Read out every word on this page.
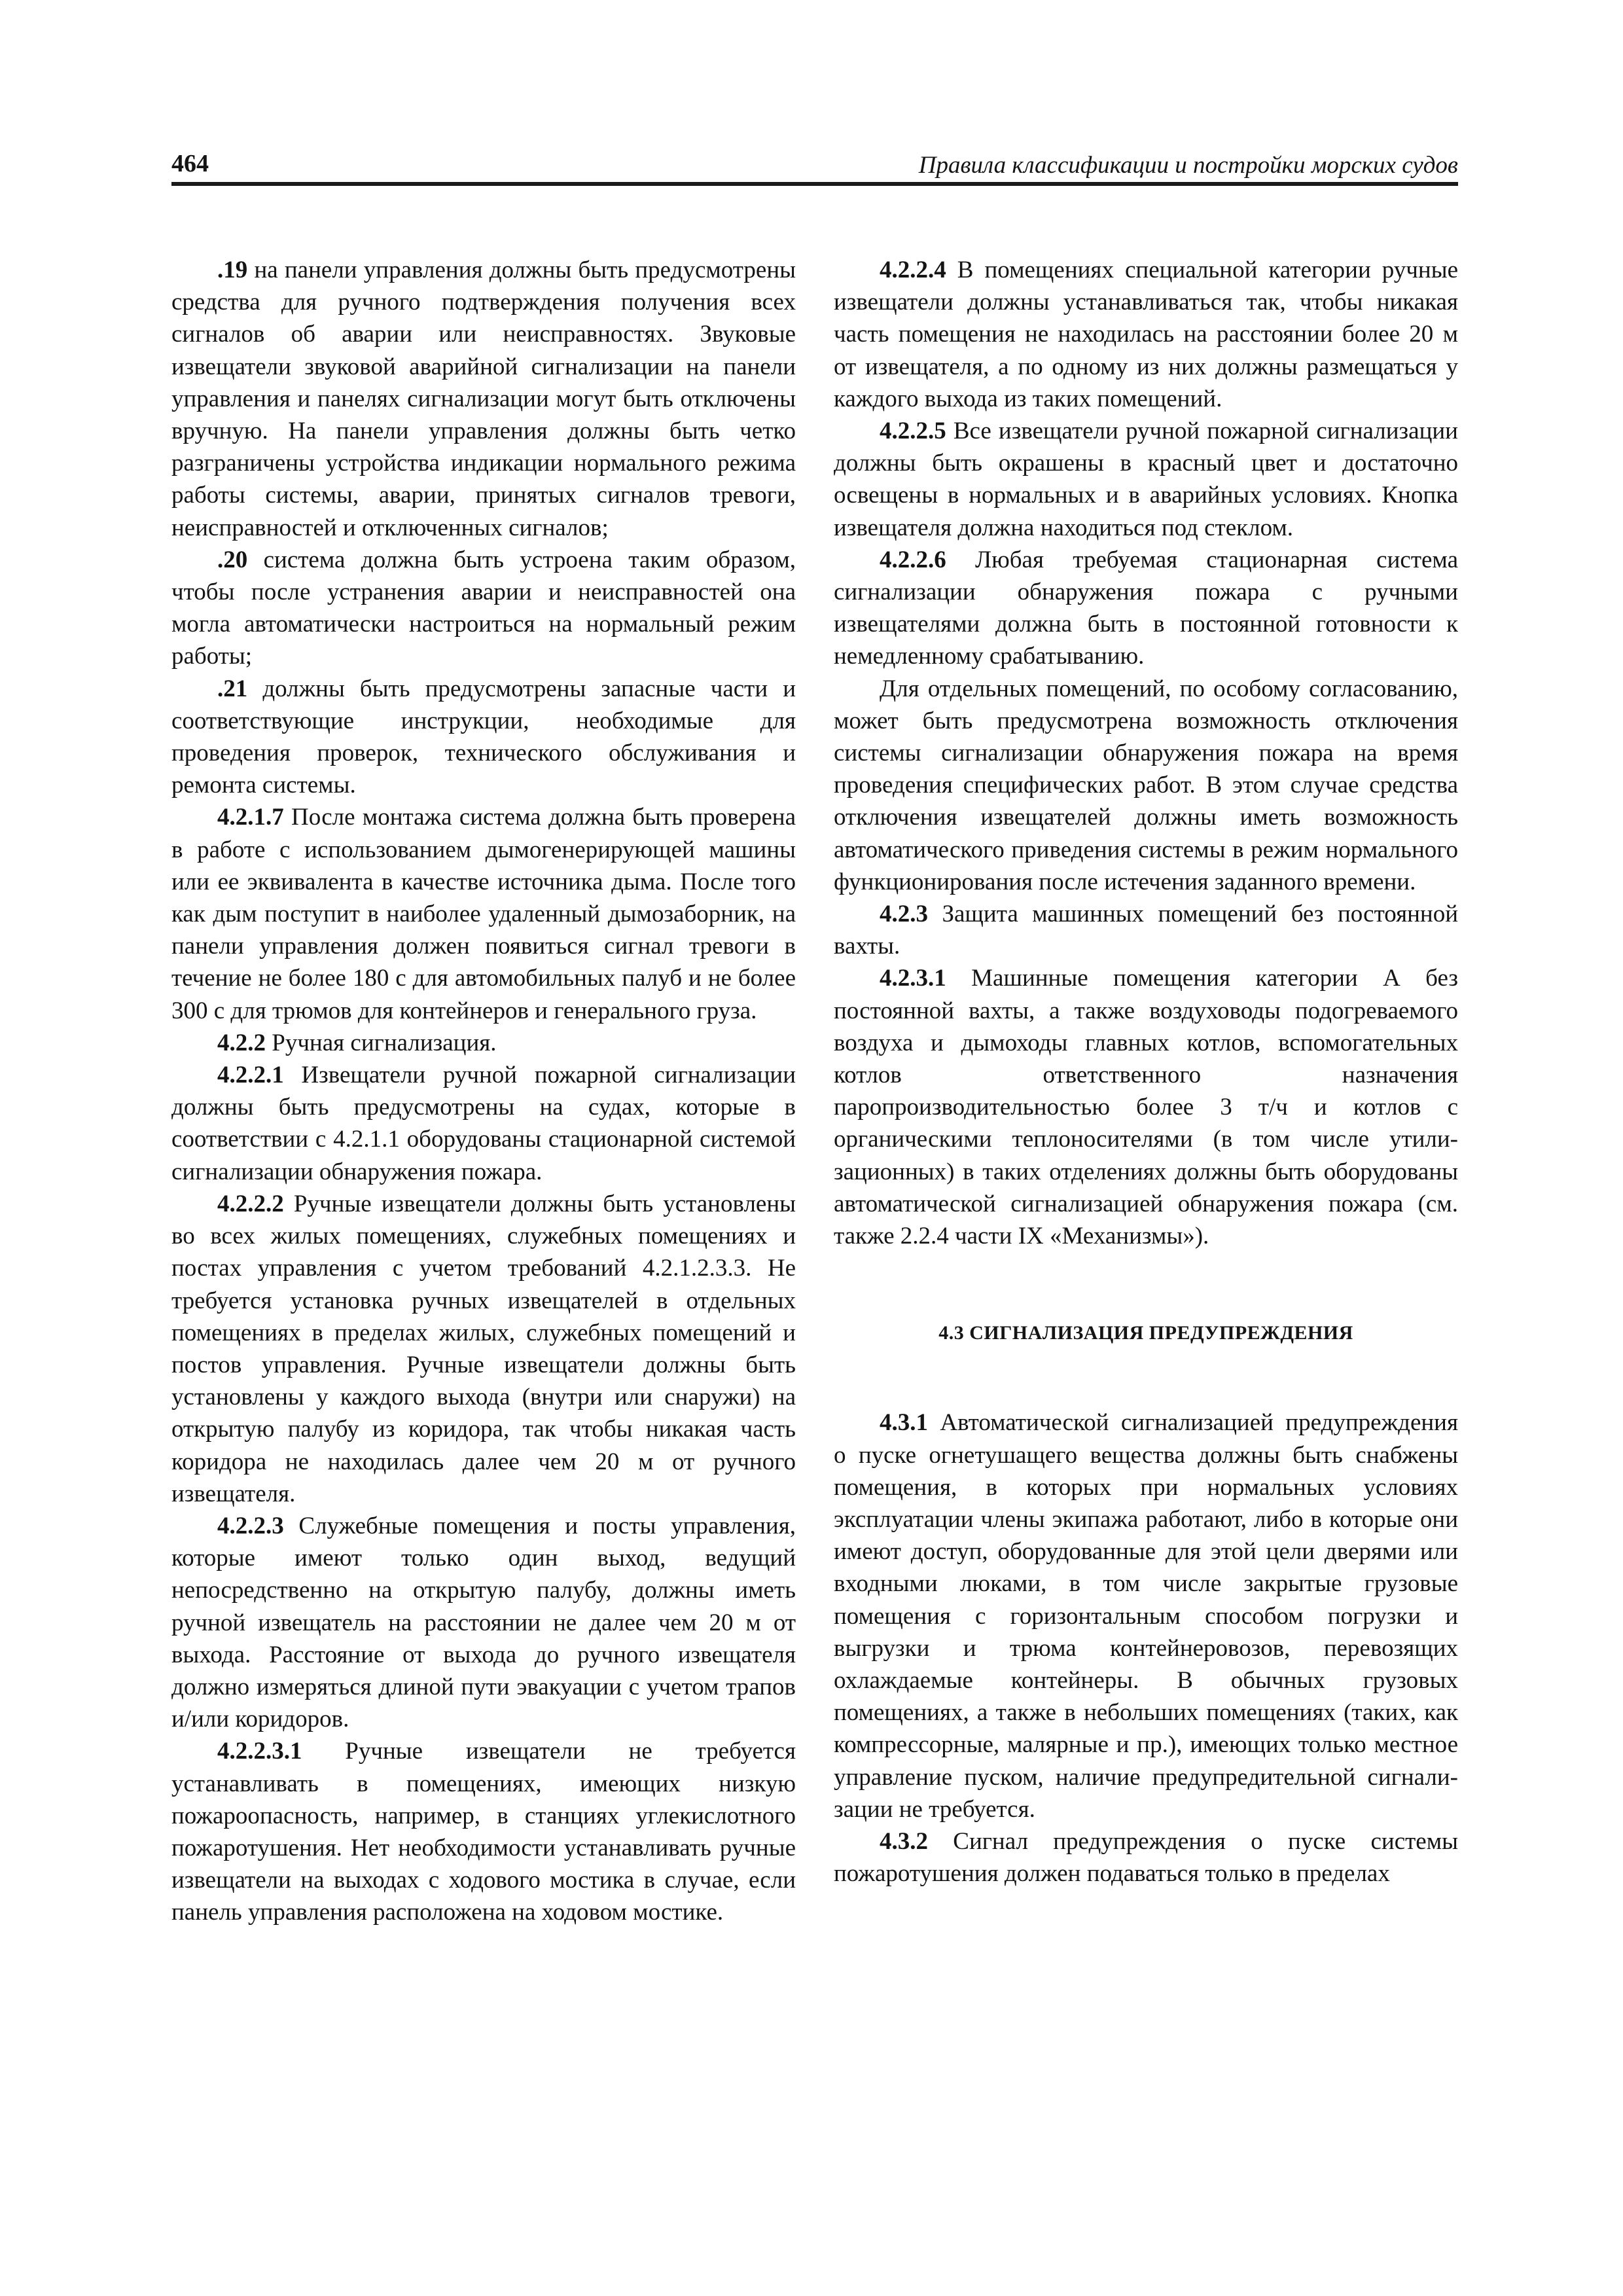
464	Правила классификации и постройки морских судов

.19 на панели управления должны быть предусмотрены средства для ручного подтверждения получения всех сигналов об аварии или неисправностях. Звуковые извещатели звуковой аварийной сигнализации на панели управления и панелях сигнализации могут быть отключены вручную. На панели управления должны быть четко разграничены устройства индикации нормального режима работы системы, аварии, принятых сигналов тревоги, неисправностей и отключенных сигналов;

.20 система должна быть устроена таким образом, чтобы после устранения аварии и неисправностей она могла автоматически настроиться на нормальный режим работы;

.21 должны быть предусмотрены запасные части и соответствующие инструкции, необходимые для проведения проверок, технического обслуживания и ремонта системы.

4.2.1.7 После монтажа система должна быть проверена в работе с использованием дымогенерирующей машины или ее эквивалента в качестве источника дыма. После того как дым поступит в наиболее удаленный дымозаборник, на панели управления должен появиться сигнал тревоги в течение не более 180 с для автомобильных палуб и не более 300 с для трюмов для контейнеров и генерального груза.

4.2.2 Ручная сигнализация.

4.2.2.1 Извещатели ручной пожарной сигнализации должны быть предусмотрены на судах, которые в соответствии с 4.2.1.1 оборудованы стационарной системой сигнализации обнаружения пожара.

4.2.2.2 Ручные извещатели должны быть установлены во всех жилых помещениях, служебных помещениях и постах управления с учетом требований 4.2.1.2.3.3. Не требуется установка ручных извещателей в отдельных помещениях в пределах жилых, служебных помещений и постов управления. Ручные извещатели должны быть установлены у каждого выхода (внутри или снаружи) на открытую палубу из коридора, так чтобы никакая часть коридора не находилась далее чем 20 м от ручного извещателя.

4.2.2.3 Служебные помещения и посты управления, которые имеют только один выход, ведущий непосредственно на открытую палубу, должны иметь ручной извещатель на расстоянии не далее чем 20 м от выхода. Расстояние от выхода до ручного извещателя должно измеряться длиной пути эвакуации с учетом трапов и/или коридоров.

4.2.2.3.1 Ручные извещатели не требуется устанавливать в помещениях, имеющих низкую пожароопасность, например, в станциях углекислотного пожаротушения. Нет необходимости устанавливать ручные извещатели на выходах с ходового мостика в случае, если панель управления расположена на ходовом мостике.

4.2.2.4 В помещениях специальной категории ручные извещатели должны устанавливаться так, чтобы никакая часть помещения не находилась на расстоянии более 20 м от извещателя, а по одному из них должны размещаться у каждого выхода из таких помещений.

4.2.2.5 Все извещатели ручной пожарной сигнализации должны быть окрашены в красный цвет и достаточно освещены в нормальных и в аварийных условиях. Кнопка извещателя должна находиться под стеклом.

4.2.2.6 Любая требуемая стационарная система сигнализации обнаружения пожара с ручными извещателями должна быть в постоянной готовности к немедленному срабатыванию.

Для отдельных помещений, по особому согласованию, может быть предусмотрена возможность отключения системы сигнализации обнаружения пожара на время проведения специфических работ. В этом случае средства отключения извещателей должны иметь возможность автоматического приведения системы в режим нормального функционирования после истечения заданного времени.

4.2.3 Защита машинных помещений без постоянной вахты.

4.2.3.1 Машинные помещения категории А без постоянной вахты, а также воздуховоды подогреваемого воздуха и дымоходы главных котлов, вспомогательных котлов ответственного назначения паропроизводительностью более 3 т/ч и котлов с органическими теплоносителями (в том числе утилизационных) в таких отделениях должны быть оборудованы автоматической сигнализацией обнаружения пожара (см. также 2.2.4 части IX «Механизмы»).

4.3 СИГНАЛИЗАЦИЯ ПРЕДУПРЕЖДЕНИЯ

4.3.1 Автоматической сигнализацией предупреждения о пуске огнетушащего вещества должны быть снабжены помещения, в которых при нормальных условиях эксплуатации члены экипажа работают, либо в которые они имеют доступ, оборудованные для этой цели дверями или входными люками, в том числе закрытые грузовые помещения с горизонтальным способом погрузки и выгрузки и трюма контейнеровозов, перевозящих охлаждаемые контейнеры. В обычных грузовых помещениях, а также в небольших помещениях (таких, как компрессорные, малярные и пр.), имеющих только местное управление пуском, наличие предупредительной сигнализации не требуется.

4.3.2 Сигнал предупреждения о пуске системы пожаротушения должен подаваться только в пределах
